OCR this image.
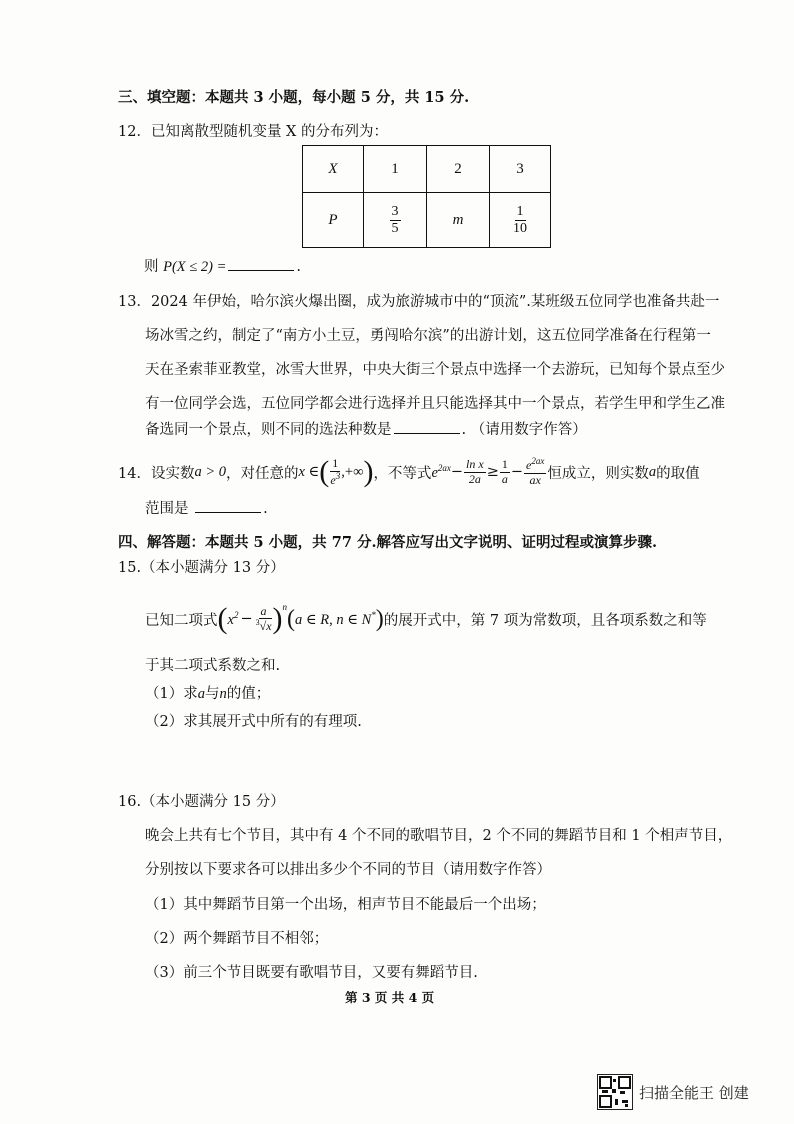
三、填空题：本题共 3 小题，每小题 5 分，共 15 分.
12．已知离散型随机变量 X 的分布列为：
X	1	2	3
P	$\frac{3}{5}$	m	$\frac{1}{10}$
则 P(X ≤ 2) =	.
13．2024 年伊始，哈尔滨火爆出圈，成为旅游城市中的“顶流”.某班级五位同学也准备共赴一
场冰雪之约，制定了“南方小土豆，勇闯哈尔滨”的出游计划，这五位同学准备在行程第一
天在圣索菲亚教堂，冰雪大世界，中央大街三个景点中选择一个去游玩，已知每个景点至少
有一位同学会选，五位同学都会进行选择并且只能选择其中一个景点，若学生甲和学生乙准
备选同一个景点，则不同的选法种数是	. （请用数字作答）
14．设实数 a > 0 ，对任意的 x ∈ ( $\frac{1}{e^3}$ ,+∞ ) ，不等式 $e^{2ax} - \frac{\text{ln x}}{2a} \ge \frac{1}{a} - \frac{e^{2ax}}{ax}$ 恒成立，则实数 a 的取值
范围是	.
四、解答题：本题共 5 小题，共 77 分.解答应写出文字说明、证明过程或演算步骤.
15.（本小题满分 13 分）
已知二项式 ( $x^2 - \frac{a}{^3√x} )^n$ ( a ∈ R, n ∈ N* ) 的展开式中，第 7 项为常数项，且各项系数之和等
于其二项式系数之和.
（1）求a与n的值；
（2）求其展开式中所有的有理项.
16.（本小题满分 15 分）
晚会上共有七个节目，其中有 4 个不同的歌唱节目，2 个不同的舞蹈节目和 1 个相声节目，
分别按以下要求各可以排出多少个不同的节目（请用数字作答）
（1）其中舞蹈节目第一个出场，相声节目不能最后一个出场；
（2）两个舞蹈节目不相邻；
（3）前三个节目既要有歌唱节目，又要有舞蹈节目.
第 3 页 共 4 页
扫描全能王 创建
